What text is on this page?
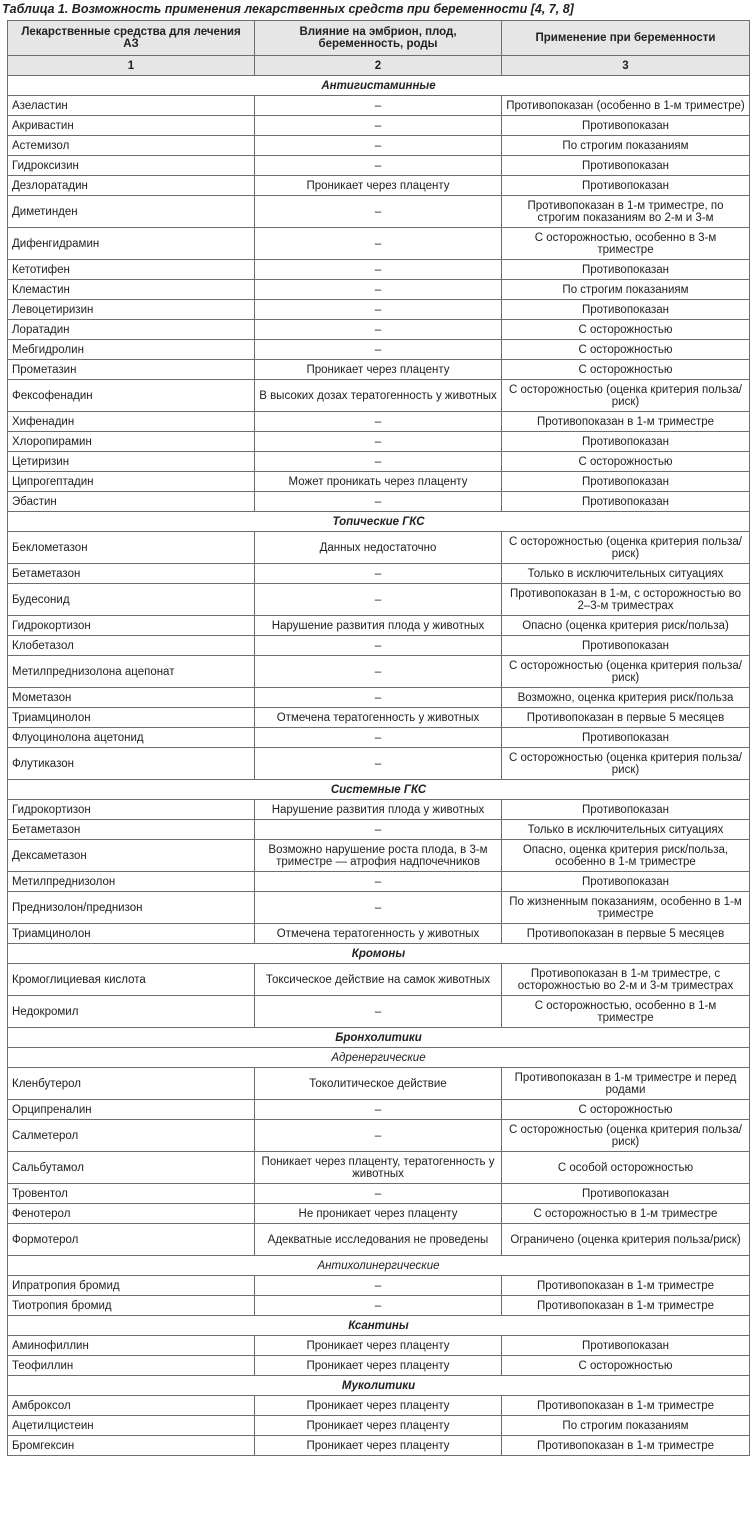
Таблица 1. Возможность применения лекарственных средств при беременности [4, 7, 8]
Лекарственные средства для лечения АЗ	Влияние на эмбрион, плод, беременность, роды	Применение при беременности
1	2	3
Антигистаминные		
Азеластин	–	Противопоказан (особенно в 1-м триместре)
Акривастин	–	Противопоказан
Астемизол	–	По строгим показаниям
Гидроксизин	–	Противопоказан
Дезлоратадин	Проникает через плаценту	Противопоказан
Диметинден	–	Противопоказан в 1-м триместре, по строгим показаниям во 2-м и 3-м
Дифенгидрамин	–	С осторожностью, особенно в 3-м триместре
Кетотифен	–	Противопоказан
Клемастин	–	По строгим показаниям
Левоцетиризин	–	Противопоказан
Лоратадин	–	С осторожностью
Мебгидролин	–	С осторожностью
Прометазин	Проникает через плаценту	С осторожностью
Фексофенадин	В высоких дозах тератогенность у животных	С осторожностью (оценка критерия польза/риск)
Хифенадин	–	Противопоказан в 1-м триместре
Хлоропирамин	–	Противопоказан
Цетиризин	–	С осторожностью
Ципрогептадин	Может проникать через плаценту	Противопоказан
Эбастин	–	Противопоказан
Топические ГКС		
Беклометазон	Данных недостаточно	С осторожностью (оценка критерия польза/риск)
Бетаметазон	–	Только в исключительных ситуациях
Будесонид	–	Противопоказан в 1-м, с осторожностью во 2–3-м триместрах
Гидрокортизон	Нарушение развития плода у животных	Опасно (оценка критерия риск/польза)
Клобетазол	–	Противопоказан
Метилпреднизолона ацепонат	–	С осторожностью (оценка критерия польза/риск)
Мометазон	–	Возможно, оценка критерия риск/польза
Триамцинолон	Отмечена тератогенность у животных	Противопоказан в первые 5 месяцев
Флуоцинолона ацетонид	–	Противопоказан
Флутиказон	–	С осторожностью (оценка критерия польза/риск)
Системные ГКС		
Гидрокортизон	Нарушение развития плода у животных	Противопоказан
Бетаметазон	–	Только в исключительных ситуациях
Дексаметазон	Возможно нарушение роста плода, в 3-м триместре — атрофия надпочечников	Опасно, оценка критерия риск/польза, особенно в 1-м триместре
Метилпреднизолон	–	Противопоказан
Преднизолон/преднизон	–	По жизненным показаниям, особенно в 1-м триместре
Триамцинолон	Отмечена тератогенность у животных	Противопоказан в первые 5 месяцев
Кромоны		
Кромоглициевая кислота	Токсическое действие на самок животных	Противопоказан в 1-м триместре, с осторожностью во 2-м и 3-м триместрах
Недокромил	–	С осторожностью, особенно в 1-м триместре
Бронхолитики		
Адренергические		
Кленбутерол	Токолитическое действие	Противопоказан в 1-м триместре и перед родами
Орципреналин	–	С осторожностью
Салметерол	–	С осторожностью (оценка критерия польза/риск)
Сальбутамол	Поникает через плаценту, тератогенность у животных	С особой осторожностью
Тровентол	–	Противопоказан
Фенотерол	Не проникает через плаценту	С осторожностью в 1-м триместре
Формотерол	Адекватные исследования не проведены	Ограничено (оценка критерия польза/риск)
Антихолинергические		
Ипратропия бромид	–	Противопоказан в 1-м триместре
Тиотропия бромид	–	Противопоказан в 1-м триместре
Ксантины		
Аминофиллин	Проникает через плаценту	Противопоказан
Теофиллин	Проникает через плаценту	С осторожностью
Муколитики		
Амброксол	Проникает через плаценту	Противопоказан в 1-м триместре
Ацетилцистеин	Проникает через плаценту	По строгим показаниям
Бромгексин	Проникает через плаценту	Противопоказан в 1-м триместре
